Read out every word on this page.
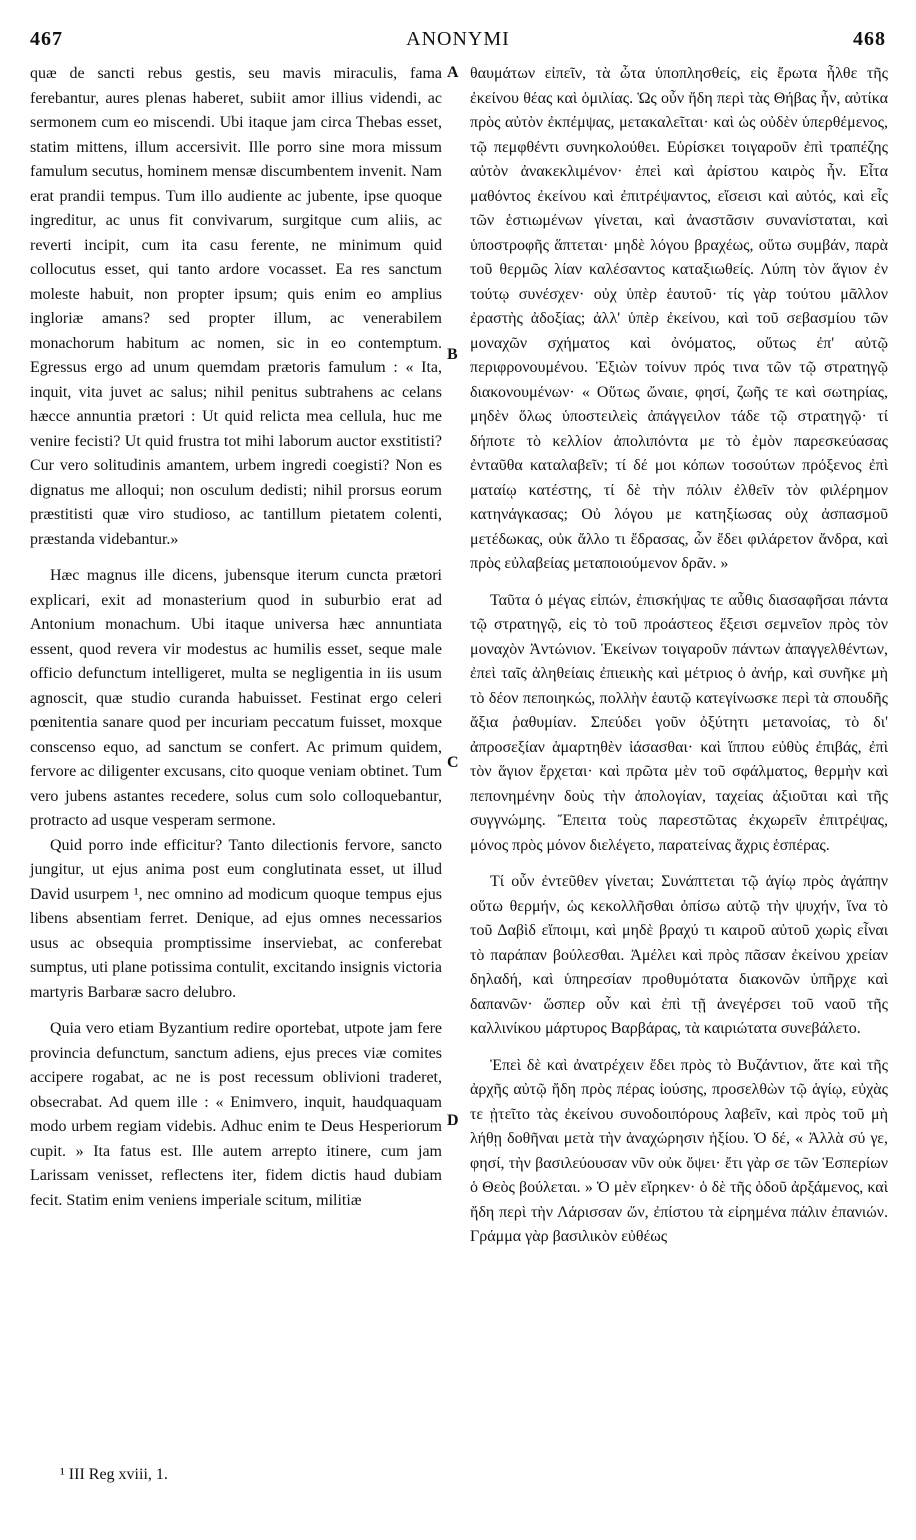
ANONYMI
467	468

quæ de sancti rebus gestis, seu mavis miraculis, fama ferebantur, aures plenas haberet, subiit amor illius videndi, ac sermonem cum eo miscendi. Ubi itaque jam circa Thebas esset, statim mittens, illum accersivit. Ille porro sine mora missum famulum secutus, hominem mensæ discumbentem invenit. Nam erat prandii tempus. Tum illo audiente ac jubente, ipse quoque ingreditur, ac unus fit convivarum, surgitque cum aliis, ac reverti incipit, cum ita casu ferente, ne minimum quid collocutus esset, qui tanto ardore vocasset. Ea res sanctum moleste habuit, non propter ipsum; quis enim eo amplius ingloriæ amans? sed propter illum, ac venerabilem monachorum habitum ac nomen, sic in eo contemptum. Egressus ergo ad unum quemdam prætoris famulum : « Ita, inquit, vita juvet ac salus; nihil penitus subtrahens ac celans hæcce annuntia prætori : Ut quid relicta mea cellula, huc me venire fecisti? Ut quid frustra tot mihi laborum auctor exstitisti? Cur vero solitudinis amantem, urbem ingredi coegisti? Non es dignatus me alloqui; non osculum dedisti; nihil prorsus eorum præstitisti quæ viro studioso, ac tantillum pietatem colenti, præstanda videbantur.»

Hæc magnus ille dicens, jubensque iterum cuncta prætori explicari, exit ad monasterium quod in suburbio erat ad Antonium monachum. Ubi itaque universa hæc annuntiata essent, quod revera vir modestus ac humilis esset, seque male officio defunctum intelligeret, multa se negligentia in iis usum agnoscit, quæ studio curanda habuisset. Festinat ergo celeri pœnitentia sanare quod per incuriam peccatum fuisset, moxque conscenso equo, ad sanctum se confert. Ac primum quidem, fervore ac diligenter excusans, cito quoque veniam obtinet. Tum vero jubens astantes recedere, solus cum solo colloquebantur, protracto ad usque vesperam sermone.

Quid porro inde efficitur? Tanto dilectionis fervore, sancto jungitur, ut ejus anima post eum conglutinata esset, ut illud David usurpem ¹, nec omnino ad modicum quoque tempus ejus libens absentiam ferret. Denique, ad ejus omnes necessarios usus ac obsequia promptissime inserviebat, ac conferebat sumptus, uti plane potissima contulit, excitando insignis victoria martyris Barbaræ sacro delubro.

Quia vero etiam Byzantium redire oportebat, utpote jam fere provincia defunctum, sanctum adiens, ejus preces viæ comites accipere rogabat, ac ne is post recessum oblivioni traderet, obsecrabat. Ad quem ille : « Enimvero, inquit, haudquaquam modo urbem regiam videbis. Adhuc enim te Deus Hesperiorum cupit. » Ita fatus est. Ille autem arrepto itinere, cum jam Larissam venisset, reflectens iter, fidem dictis haud dubiam fecit. Statim enim veniens imperiale scitum, militiæ

A
B
C
D

θαυμάτων εἰπεῖν, τὰ ὦτα ὑποπλησθείς, εἰς ἔρωτα ἦλθε τῆς ἐκείνου θέας καὶ ὁμιλίας. Ὡς οὖν ἤδη περὶ τὰς Θήβας ἦν, αὐτίκα πρὸς αὐτὸν ἐκπέμψας, μετακαλεῖται· καὶ ὡς οὐδὲν ὑπερθέμενος, τῷ πεμφθέντι συνηκολούθει. Εὑρίσκει τοιγαροῦν ἐπὶ τραπέζης αὐτὸν ἀνακεκλιμένον· ἐπεὶ καὶ ἀρίστου καιρὸς ἦν. Εἶτα μαθόντος ἐκείνου καὶ ἐπιτρέψαντος, εἴσεισι καὶ αὐτός, καὶ εἷς τῶν ἑστιωμένων γίνεται, καὶ ἀναστᾶσιν συνανίσταται, καὶ ὑποστροφῆς ἅπτεται· μηδὲ λόγου βραχέως, οὕτω συμβάν, παρὰ τοῦ θερμῶς λίαν καλέσαντος καταξιωθείς. Λύπη τὸν ἅγιον ἐν τούτῳ συνέσχεν· οὐχ ὑπὲρ ἑαυτοῦ· τίς γὰρ τούτου μᾶλλον ἐραστὴς ἀδοξίας; ἀλλ' ὑπὲρ ἐκείνου, καὶ τοῦ σεβασμίου τῶν μοναχῶν σχήματος καὶ ὀνόματος, οὕτως ἐπ' αὐτῷ περιφρονουμένου. Ἐξιὼν τοίνυν πρός τινα τῶν τῷ στρατηγῷ διακονουμένων· « Οὕτως ὤναιε, φησί, ζωῆς τε καὶ σωτηρίας, μηδὲν ὅλως ὑποστειλεὶς ἀπάγγειλον τάδε τῷ στρατηγῷ· τί δήποτε τὸ κελλίον ἀπολιπόντα με τὸ ἐμὸν παρεσκεύασας ἐνταῦθα καταλαβεῖν; τί δέ μοι κόπων τοσούτων πρόξενος ἐπὶ ματαίῳ κατέστης, τί δὲ τὴν πόλιν ἐλθεῖν τὸν φιλέρημον κατηνάγκασας; Οὐ λόγου με κατηξίωσας οὐχ ἀσπασμοῦ μετέδωκας, οὐκ ἄλλο τι ἔδρασας, ὧν ἔδει φιλάρετον ἄνδρα, καὶ πρὸς εὐλαβείας μεταποιούμενον δρᾶν. »

Ταῦτα ὁ μέγας εἰπών, ἐπισκήψας τε αὖθις διασαφῆσαι πάντα τῷ στρατηγῷ, εἰς τὸ τοῦ προάστεος ἔξεισι σεμνεῖον πρὸς τὸν μοναχὸν Ἀντώνιον. Ἐκείνων τοιγαροῦν πάντων ἀπαγγελθέντων, ἐπεὶ ταῖς ἀληθείαις ἐπιεικὴς καὶ μέτριος ὁ ἀνήρ, καὶ συνῆκε μὴ τὸ δέον πεποιηκώς, πολλὴν ἑαυτῷ κατεγίνωσκε περὶ τὰ σπουδῆς ἄξια ῥαθυμίαν. Σπεύδει γοῦν ὀξύτητι μετανοίας, τὸ δι' ἀπροσεξίαν ἁμαρτηθὲν ἰάσασθαι· καὶ ἵππου εὐθὺς ἐπιβάς, ἐπὶ τὸν ἅγιον ἔρχεται· καὶ πρῶτα μὲν τοῦ σφάλματος, θερμὴν καὶ πεπονημένην δοὺς τὴν ἀπολογίαν, ταχείας ἀξιοῦται καὶ τῆς συγγνώμης. Ἔπειτα τοὺς παρεστῶτας ἐκχωρεῖν ἐπιτρέψας, μόνος πρὸς μόνον διελέγετο, παρατείνας ἄχρις ἑσπέρας.

Τί οὖν ἐντεῦθεν γίνεται; Συνάπτεται τῷ ἁγίῳ πρὸς ἀγάπην οὕτω θερμήν, ὡς κεκολλῆσθαι ὀπίσω αὐτῷ τὴν ψυχήν, ἵνα τὸ τοῦ Δαβὶδ εἴποιμι, καὶ μηδὲ βραχύ τι καιροῦ αὐτοῦ χωρὶς εἶναι τὸ παράπαν βούλεσθαι. Ἀμέλει καὶ πρὸς πᾶσαν ἐκείνου χρείαν δηλαδή, καὶ ὑπηρεσίαν προθυμότατα διακονῶν ὑπῆρχε καὶ δαπανῶν· ὥσπερ οὖν καὶ ἐπὶ τῇ ἀνεγέρσει τοῦ ναοῦ τῆς καλλινίκου μάρτυρος Βαρβάρας, τὰ καιριώτατα συνεβάλετο.

Ἐπεὶ δὲ καὶ ἀνατρέχειν ἔδει πρὸς τὸ Βυζάντιον, ἅτε καὶ τῆς ἀρχῆς αὐτῷ ἤδη πρὸς πέρας ἰούσης, προσελθὼν τῷ ἁγίῳ, εὐχὰς τε ᾐτεῖτο τὰς ἐκείνου συνοδοιπόρους λαβεῖν, καὶ πρὸς τοῦ μὴ λήθῃ δοθῆναι μετὰ τὴν ἀναχώρησιν ἠξίου. Ὁ δέ, « Ἀλλὰ σύ γε, φησί, τὴν βασιλεύουσαν νῦν οὐκ ὄψει· ἔτι γὰρ σε τῶν Ἑσπερίων ὁ Θεὸς βούλεται. » Ὁ μὲν εἴρηκεν· ὁ δὲ τῆς ὁδοῦ ἀρξάμενος, καὶ ἤδη περὶ τὴν Λάρισσαν ὤν, ἐπίστου τὰ εἰρημένα πάλιν ἐπανιών. Γράμμα γὰρ βασιλικὸν εὐθέως

¹ III Reg xviii, 1.
